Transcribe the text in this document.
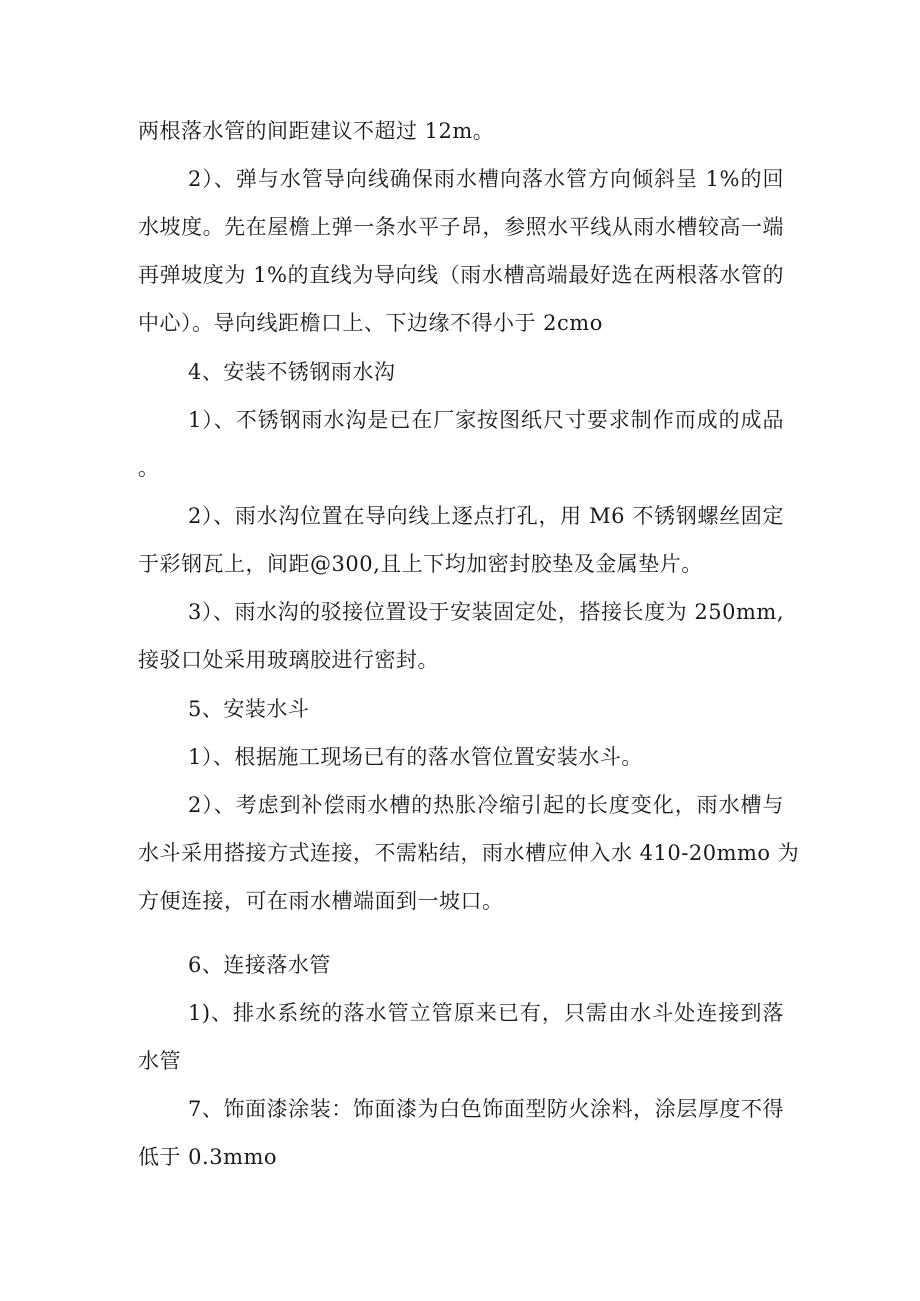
两根落水管的间距建议不超过 12m。
2）、弹与水管导向线确保雨水槽向落水管方向倾斜呈 1%的回
水坡度。先在屋檐上弹一条水平子昂，参照水平线从雨水槽较高一端
再弹坡度为 1%的直线为导向线（雨水槽高端最好选在两根落水管的
中心）。导向线距檐口上、下边缘不得小于 2cmo
4、安装不锈钢雨水沟
1）、不锈钢雨水沟是已在厂家按图纸尺寸要求制作而成的成品
。
2）、雨水沟位置在导向线上逐点打孔，用 M6 不锈钢螺丝固定
于彩钢瓦上，间距@300,且上下均加密封胶垫及金属垫片。
3）、雨水沟的驳接位置设于安装固定处，搭接长度为 250mm,
接驳口处采用玻璃胶进行密封。
5、安装水斗
1）、根据施工现场已有的落水管位置安装水斗。
2）、考虑到补偿雨水槽的热胀冷缩引起的长度变化，雨水槽与
水斗采用搭接方式连接，不需粘结，雨水槽应伸入水 410-20mmo 为
方便连接，可在雨水槽端面到一坡口。
6、连接落水管
1)、排水系统的落水管立管原来已有，只需由水斗处连接到落
水管
7、饰面漆涂装：饰面漆为白色饰面型防火涂料，涂层厚度不得
低于 0.3mmo
